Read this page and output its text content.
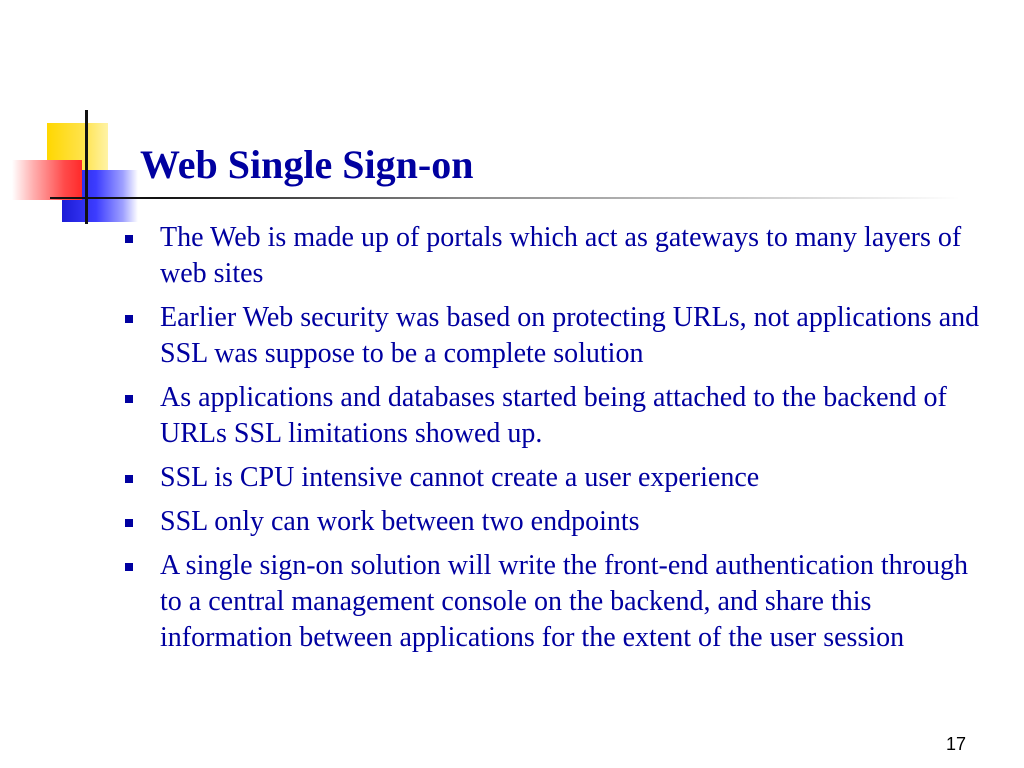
Web Single Sign-on
The Web is made up of portals which act as gateways to many layers of web sites
Earlier Web security was based on protecting URLs, not applications and SSL was suppose to be a complete solution
As applications and databases started being attached to the backend of URLs SSL limitations showed up.
SSL is CPU intensive cannot create a user experience
SSL only can work between two endpoints
A single sign-on solution will write the front-end authentication through to a central management console on the backend, and share this information between applications for the extent of the user session
17
